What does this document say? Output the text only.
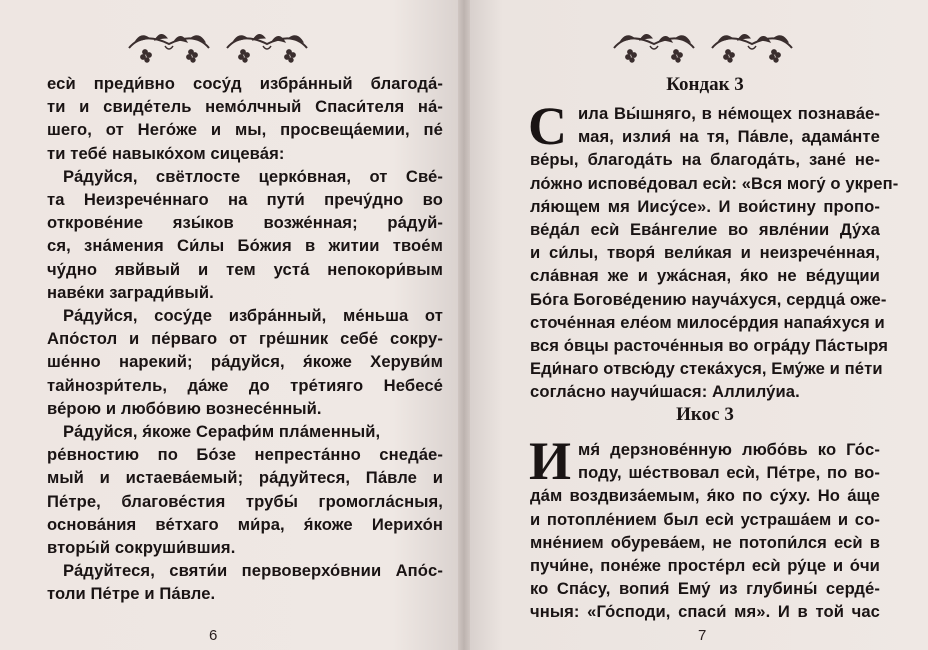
есѝ преди́вно сосу́д избра́нный благода́-
ти и свиде́тель немо́лчный Спаси́теля на́-
шего, от Него́же и мы, просвеща́емии, пе́
ти тебе́ навыко́хом сицева́я:
Ра́дуйся, свётлосте церко́вная, от Све́-
та Неизрече́ннаго на пути́ пречу́дно во
открове́ние язы́ков возже́нная; ра́дуй-
ся, зна́мения Си́лы Бо́жия в житии твое́м
чу́дно явйвый и тем уста́ непокори́вым
наве́ки загради́вый.
Ра́дуйся, сосу́де избра́нный, ме́ньша от
Апо́стол и пе́рваго от гре́шник себе́ сокру-
ше́нно нарекий; ра́дуйся, я́коже Херуви́м
тайнозри́тель, да́же до тре́тияго Небесе́
ве́рою и любо́вию вознесе́нный.
Ра́дуйся, я́коже Серафи́м пла́менный,
ре́вностию по Бо́зе непреста́нно снеда́е-
мый и истаева́емый; ра́дуйтеся, Па́вле и
Пе́тре, благове́стия трубы́ громогла́сныя,
основа́ния ве́тхаго ми́ра, я́коже Иерихо́н
вторы́й сокруши́вшия.
Ра́дуйтеся, святи́и первоверхо́внии Апо́с-
толи Пе́тре и Па́вле.
6
Кондак 3
С ила Вы́шняго, в не́мощех познава́е-
мая, излия́ на тя, Па́вле, адама́нте
ве́ры, благода́ть на благода́ть, зане́ не-
ло́жно испове́довал есѝ: «Вся могу́ о укреп-
ля́ющем мя Иису́се». И вои́стину пропо-
ве́да́л есѝ Ева́нгелие во явле́нии Ду́ха
и си́лы, творя́ вели́кая и неизрече́нная,
сла́вная же и ужа́сная, я́ко не ве́дущии
Бо́га Богове́дению науча́хуся, сердца́ оже-
сточе́нная еле́ом милосе́рдия напая́хуся и
вся о́вцы расточе́нныя во огра́ду Па́стыря
Еди́наго отвсю́ду стека́хуся, Ему́же и пе́ти
согла́сно научи́шася: Аллилу́иа.
Икос 3
И мя́ дерзнове́нную любо́вь ко Го́с-
поду, ше́ствовал есѝ, Пе́тре, по во-
да́м воздвиза́емым, я́ко по су́ху. Но а́ще
и потопле́нием был есѝ устраша́ем и со-
мне́нием обурева́ем, не потопи́лся есѝ в
пучи́не, поне́же просте́рл есѝ ру́це и о́чи
ко Спа́су, вопия́ Ему́ из глубины́ серде́-
чныя: «Го́споди, спаси́ мя». И в той час
7
